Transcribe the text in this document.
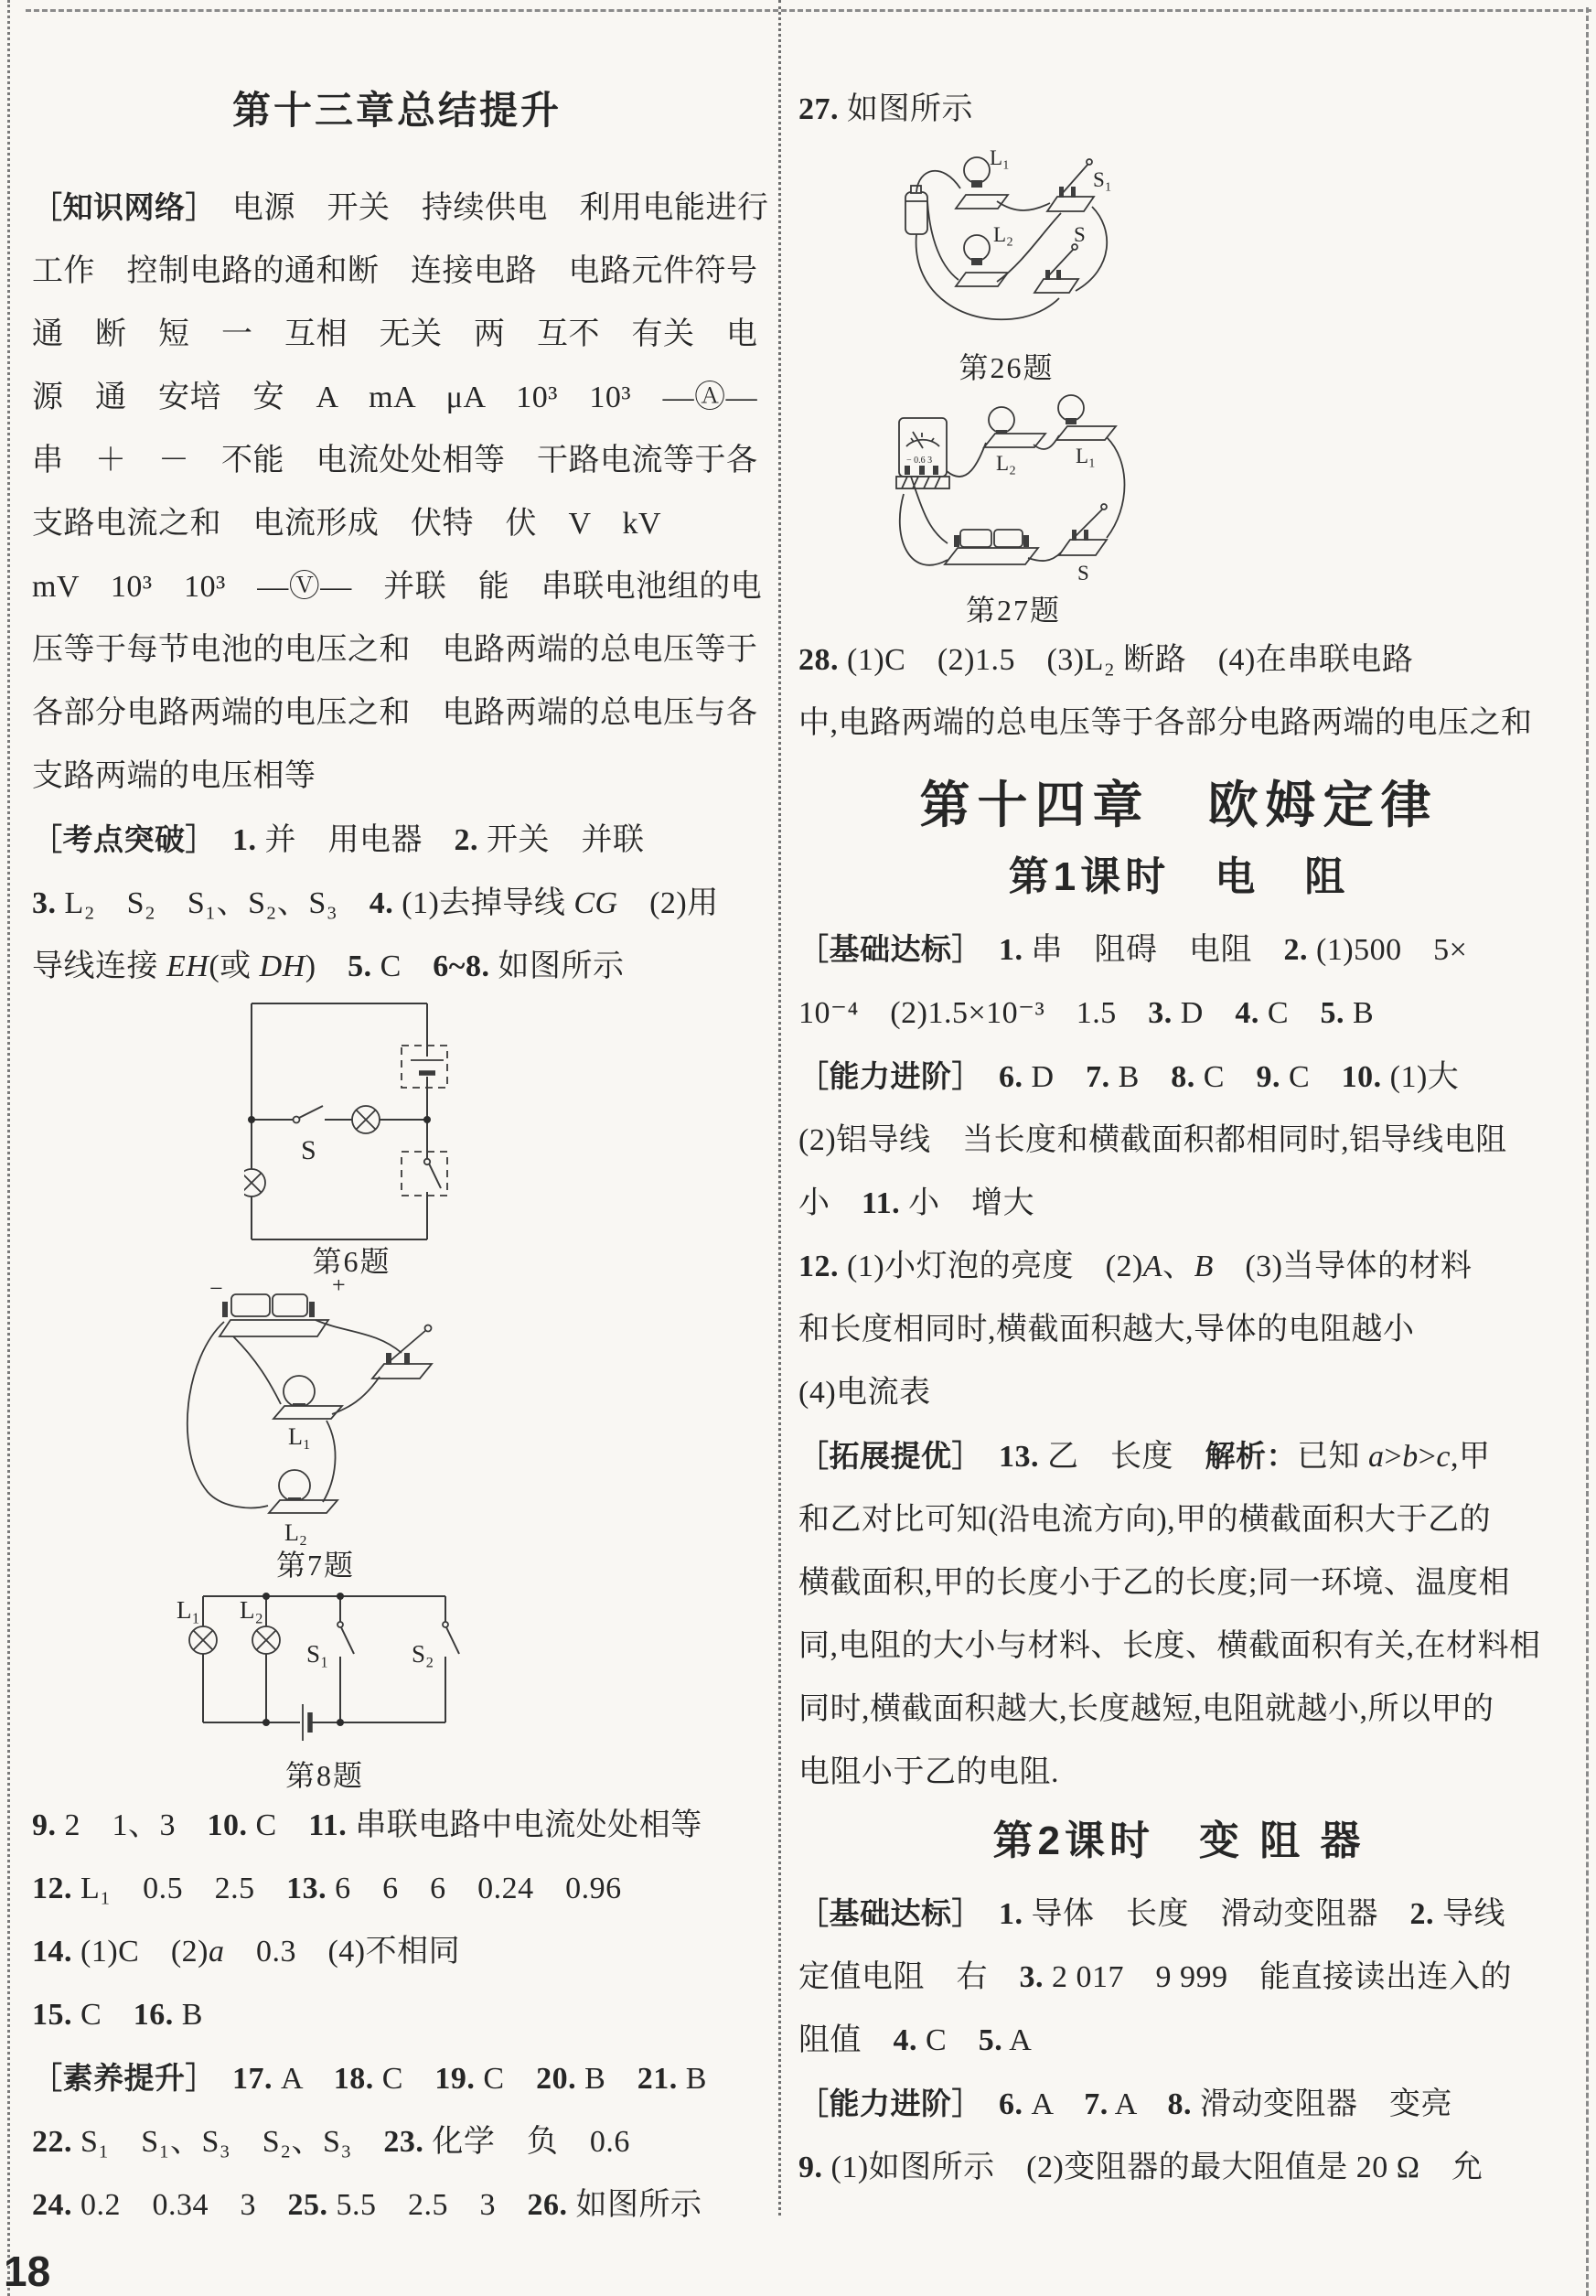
第十三章总结提升

［知识网络］　电源　开关　持续供电　利用电能进行

工作　控制电路的通和断　连接电路　电路元件符号

通　断　短　一　互相　无关　两　互不　有关　电

源　通　安培　安　A　mA　μA　10³　10³　—Ⓐ—

串　＋　－　不能　电流处处相等　干路电流等于各

支路电流之和　电流形成　伏特　伏　V　kV

mV　10³　10³　—Ⓥ—　并联　能　串联电池组的电

压等于每节电池的电压之和　电路两端的总电压等于

各部分电路两端的电压之和　电路两端的总电压与各

支路两端的电压相等

［考点突破］　 1. 并　用电器　2. 开关　并联

3. L₂　S₂　S₁、S₂、S₃　4. (1)去掉导线 CG　(2)用

导线连接 EH(或 DH)　5. C　6~8. 如图所示

S
第6题
−	+
L₁
L₂
第7题
L₁ L₂
S₁	S₂
第8题

9. 2　1、3　10. C　11. 串联电路中电流处处相等

12. L₁　0.5　2.5　13. 6　6　6　0.24　0.96

14. (1)C　(2)a　0.3　(4)不相同

15. C　16. B

［素养提升］　 17. A　18. C　19. C　20. B　21. B

22. S₁　S₁、S₃　S₂、S₃　23. 化学　负　0.6

24. 0.2　0.34　3　25. 5.5　2.5　3　26. 如图所示

27. 如图所示

L₁
S₁
L₂	S
第26题
− 0.6 3	L₂	L₁
S
第27题

28. (1)C　(2)1.5　(3)L₂ 断路　(4)在串联电路

中,电路两端的总电压等于各部分电路两端的电压之和

第十四章　欧姆定律
第1课时　电　阻

［基础达标］　 1. 串　阻碍　电阻　2. (1)500　5×

10⁻⁴　(2)1.5×10⁻³　1.5　3. D　4. C　5. B

［能力进阶］　 6. D　7. B　8. C　9. C　10. (1)大

(2)铝导线　当长度和横截面积都相同时,铝导线电阻

小　11. 小　增大

12. (1)小灯泡的亮度　(2)A、B　(3)当导体的材料

和长度相同时,横截面积越大,导体的电阻越小

(4)电流表

［拓展提优］　 13. 乙　长度　解析：已知 a>b>c,甲

和乙对比可知(沿电流方向),甲的横截面积大于乙的

横截面积,甲的长度小于乙的长度;同一环境、温度相

同,电阻的大小与材料、长度、横截面积有关,在材料相

同时,横截面积越大,长度越短,电阻就越小,所以甲的

电阻小于乙的电阻.

第2课时　变 阻 器

［基础达标］　 1. 导体　长度　滑动变阻器　2. 导线

定值电阻　右　3. 2 017　9 999　能直接读出连入的

阻值　4. C　5. A

［能力进阶］　 6. A　7. A　8. 滑动变阻器　变亮

9. (1)如图所示　(2)变阻器的最大阻值是 20 Ω　允

18
